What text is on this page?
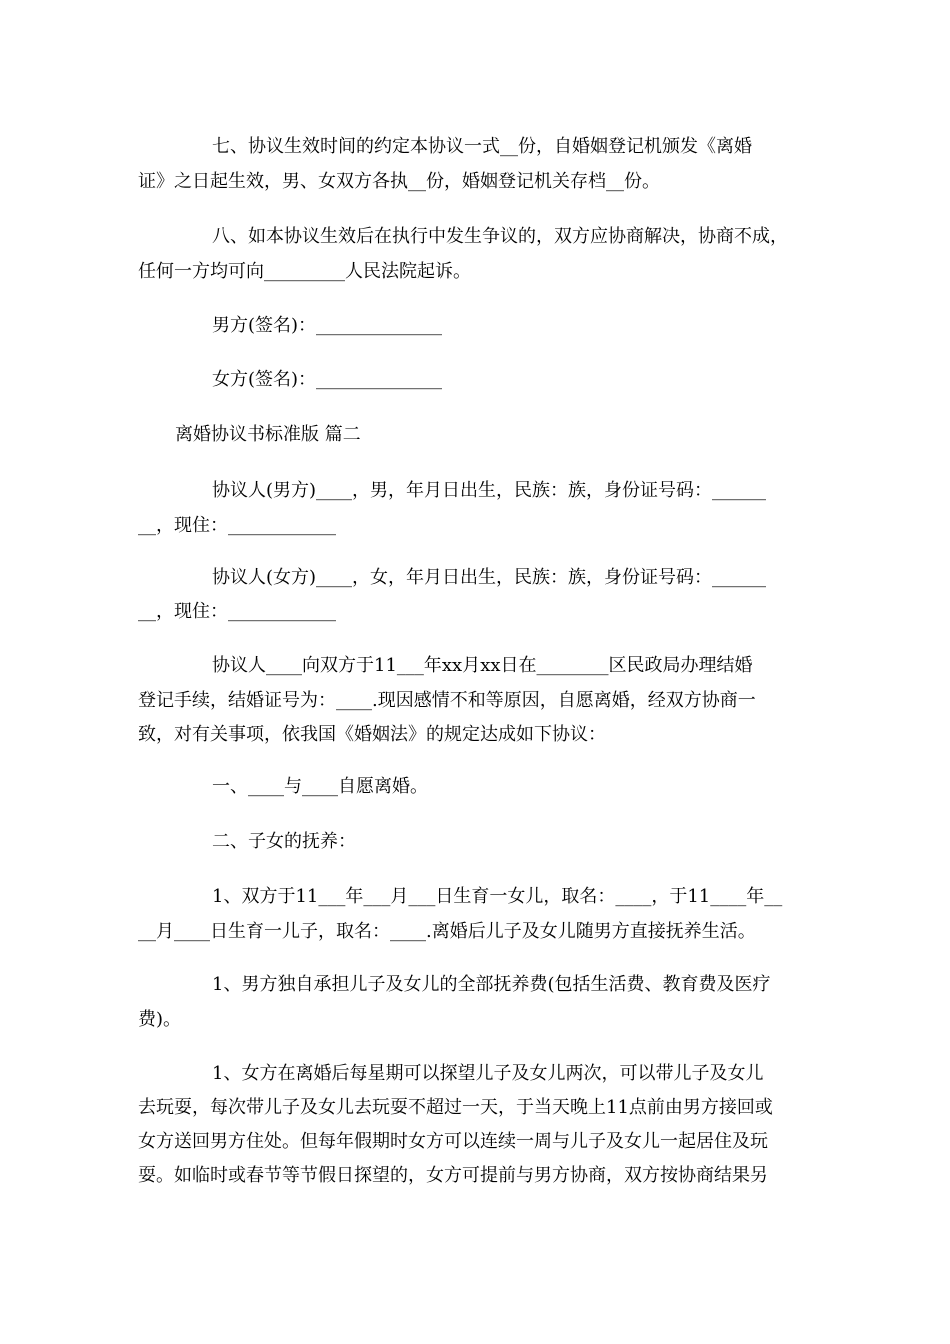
七、协议生效时间的约定本协议一式__份，自婚姻登记机颁发《离婚
证》之日起生效，男、女双方各执__份，婚姻登记机关存档__份。
八、如本协议生效后在执行中发生争议的，双方应协商解决，协商不成，
任何一方均可向_________人民法院起诉。
男方(签名)：______________
女方(签名)：______________
离婚协议书标准版 篇二
协议人(男方)____，男，年月日出生，民族：族，身份证号码：______
__，现住：____________
协议人(女方)____，女，年月日出生，民族：族，身份证号码：______
__，现住：____________
协议人____向双方于11___年xx月xx日在________区民政局办理结婚
登记手续，结婚证号为：____.现因感情不和等原因，自愿离婚，经双方协商一
致，对有关事项，依我国《婚姻法》的规定达成如下协议：
一、____与____自愿离婚。
二、子女的抚养：
1、双方于11___年___月___日生育一女儿，取名：____，于11____年__
__月____日生育一儿子，取名：____.离婚后儿子及女儿随男方直接抚养生活。
1、男方独自承担儿子及女儿的全部抚养费(包括生活费、教育费及医疗
费)。
1、女方在离婚后每星期可以探望儿子及女儿两次，可以带儿子及女儿
去玩耍，每次带儿子及女儿去玩耍不超过一天，于当天晚上11点前由男方接回或
女方送回男方住处。但每年假期时女方可以连续一周与儿子及女儿一起居住及玩
耍。如临时或春节等节假日探望的，女方可提前与男方协商，双方按协商结果另
